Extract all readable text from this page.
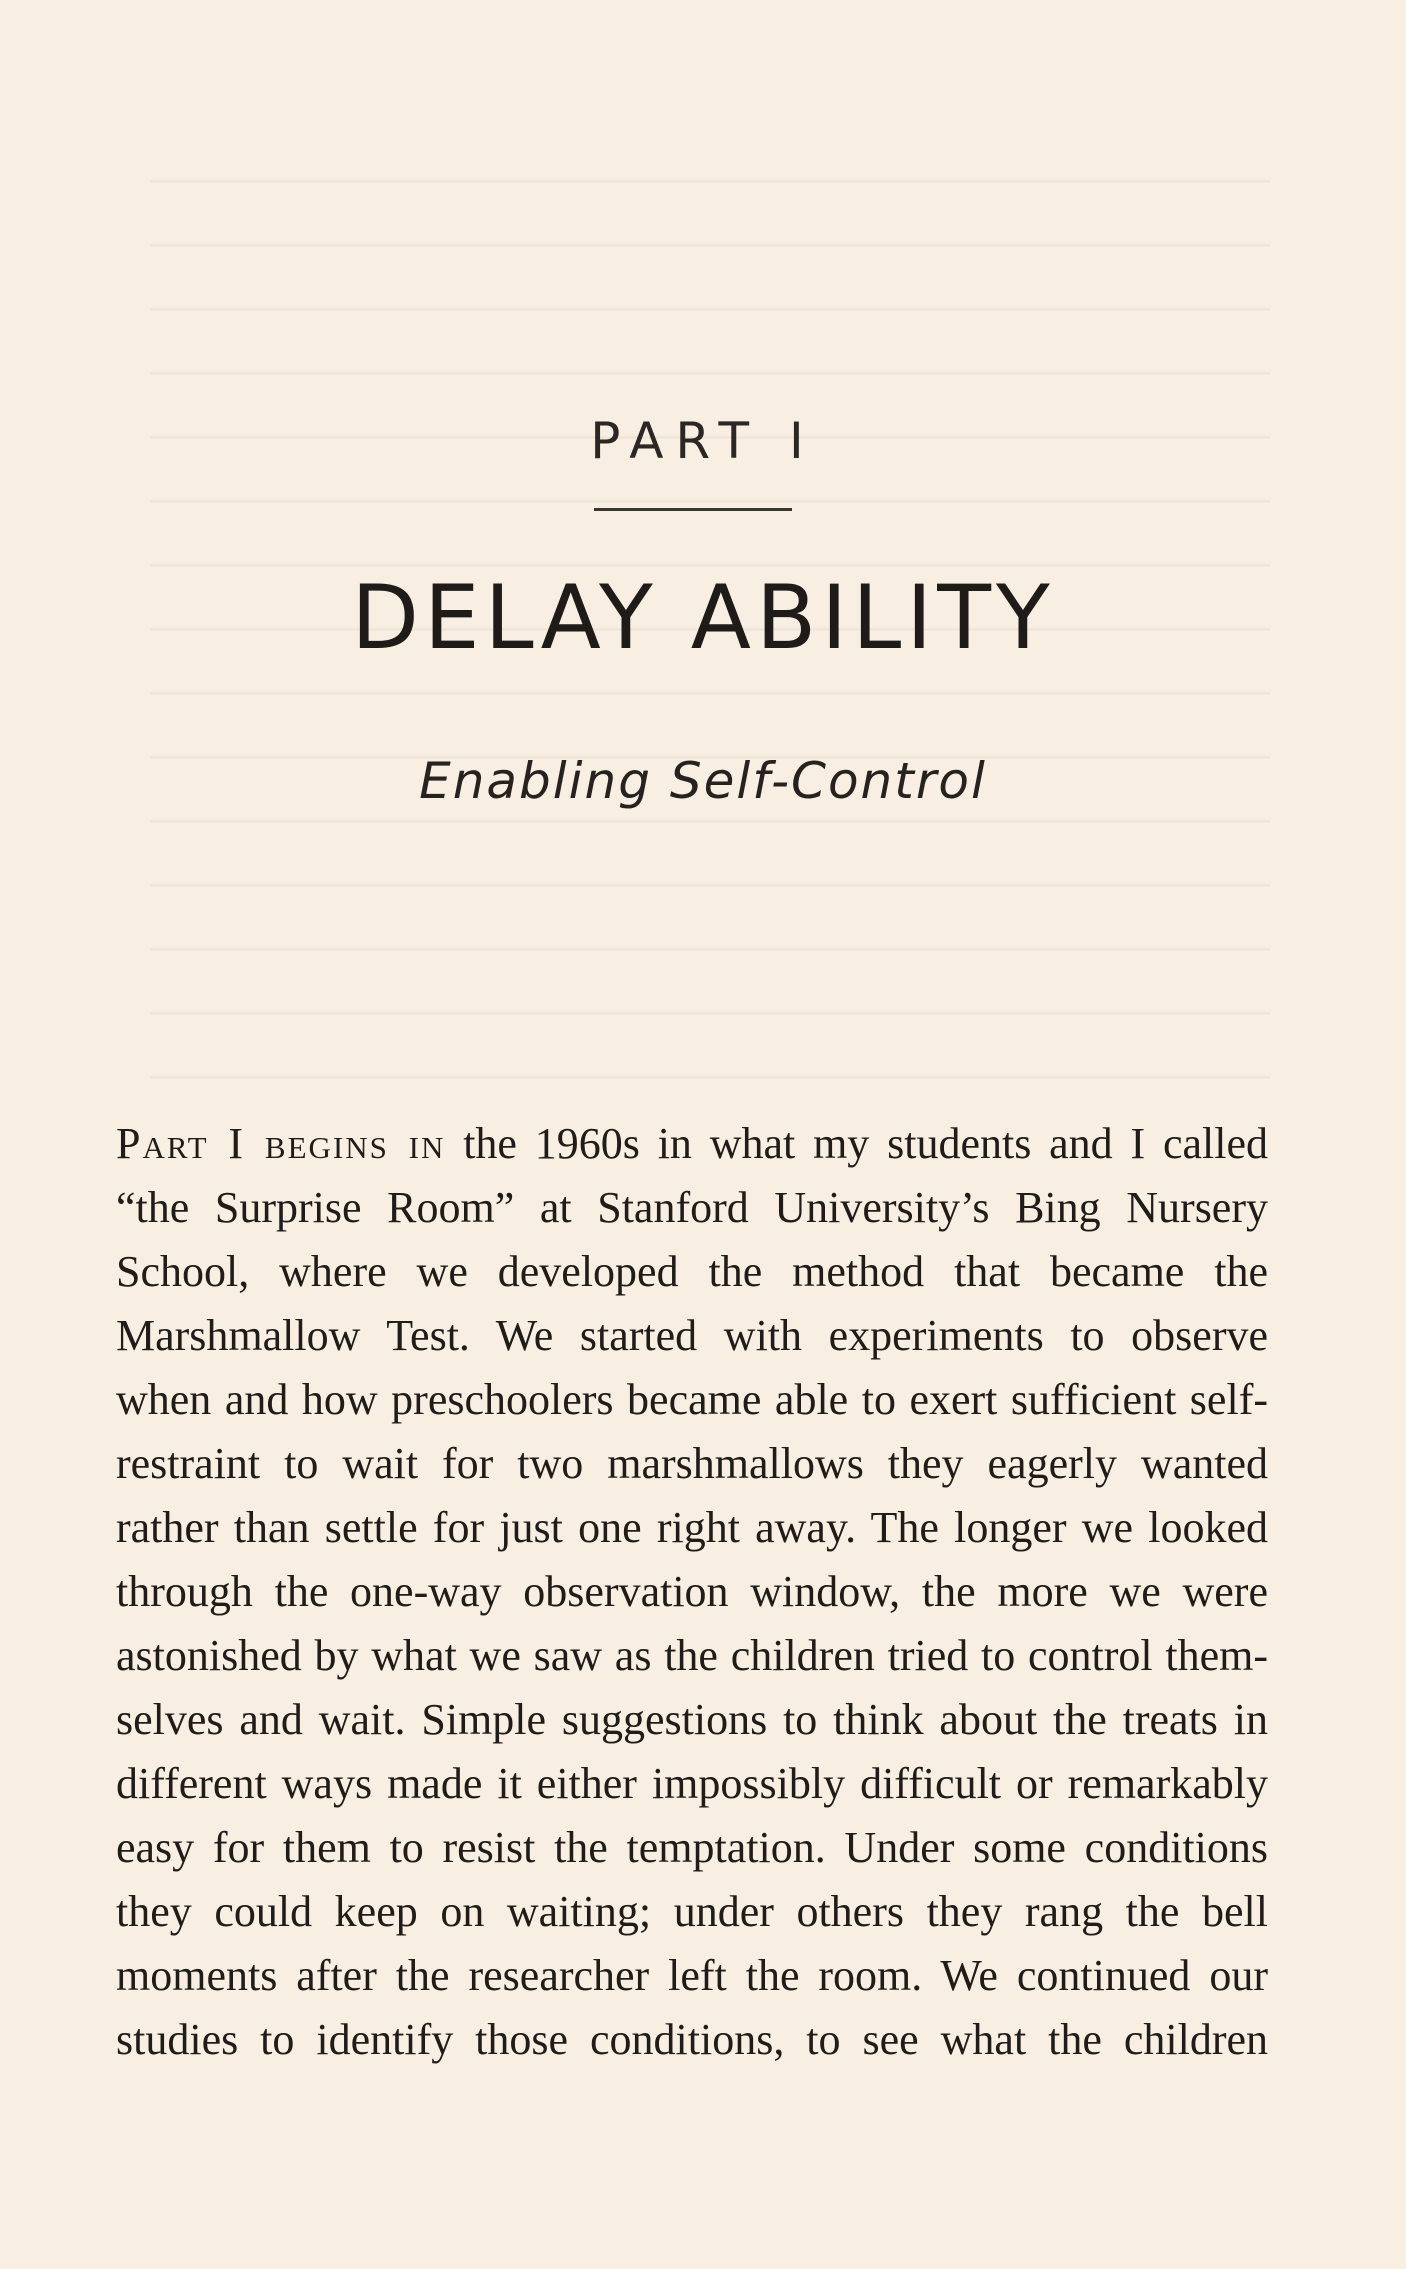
PART I
DELAY ABILITY
Enabling Self-Control
Part I begins in the 1960s in what my students and I called
“the Surprise Room” at Stanford University’s Bing Nursery
School, where we developed the method that became the
Marshmallow Test. We started with experiments to observe
when and how preschoolers became able to exert sufficient self-
restraint to wait for two marshmallows they eagerly wanted
rather than settle for just one right away. The longer we looked
through the one-way observation window, the more we were
astonished by what we saw as the children tried to control them-
selves and wait. Simple suggestions to think about the treats in
different ways made it either impossibly difficult or remarkably
easy for them to resist the temptation. Under some conditions
they could keep on waiting; under others they rang the bell
moments after the researcher left the room. We continued our
studies to identify those conditions, to see what the children
